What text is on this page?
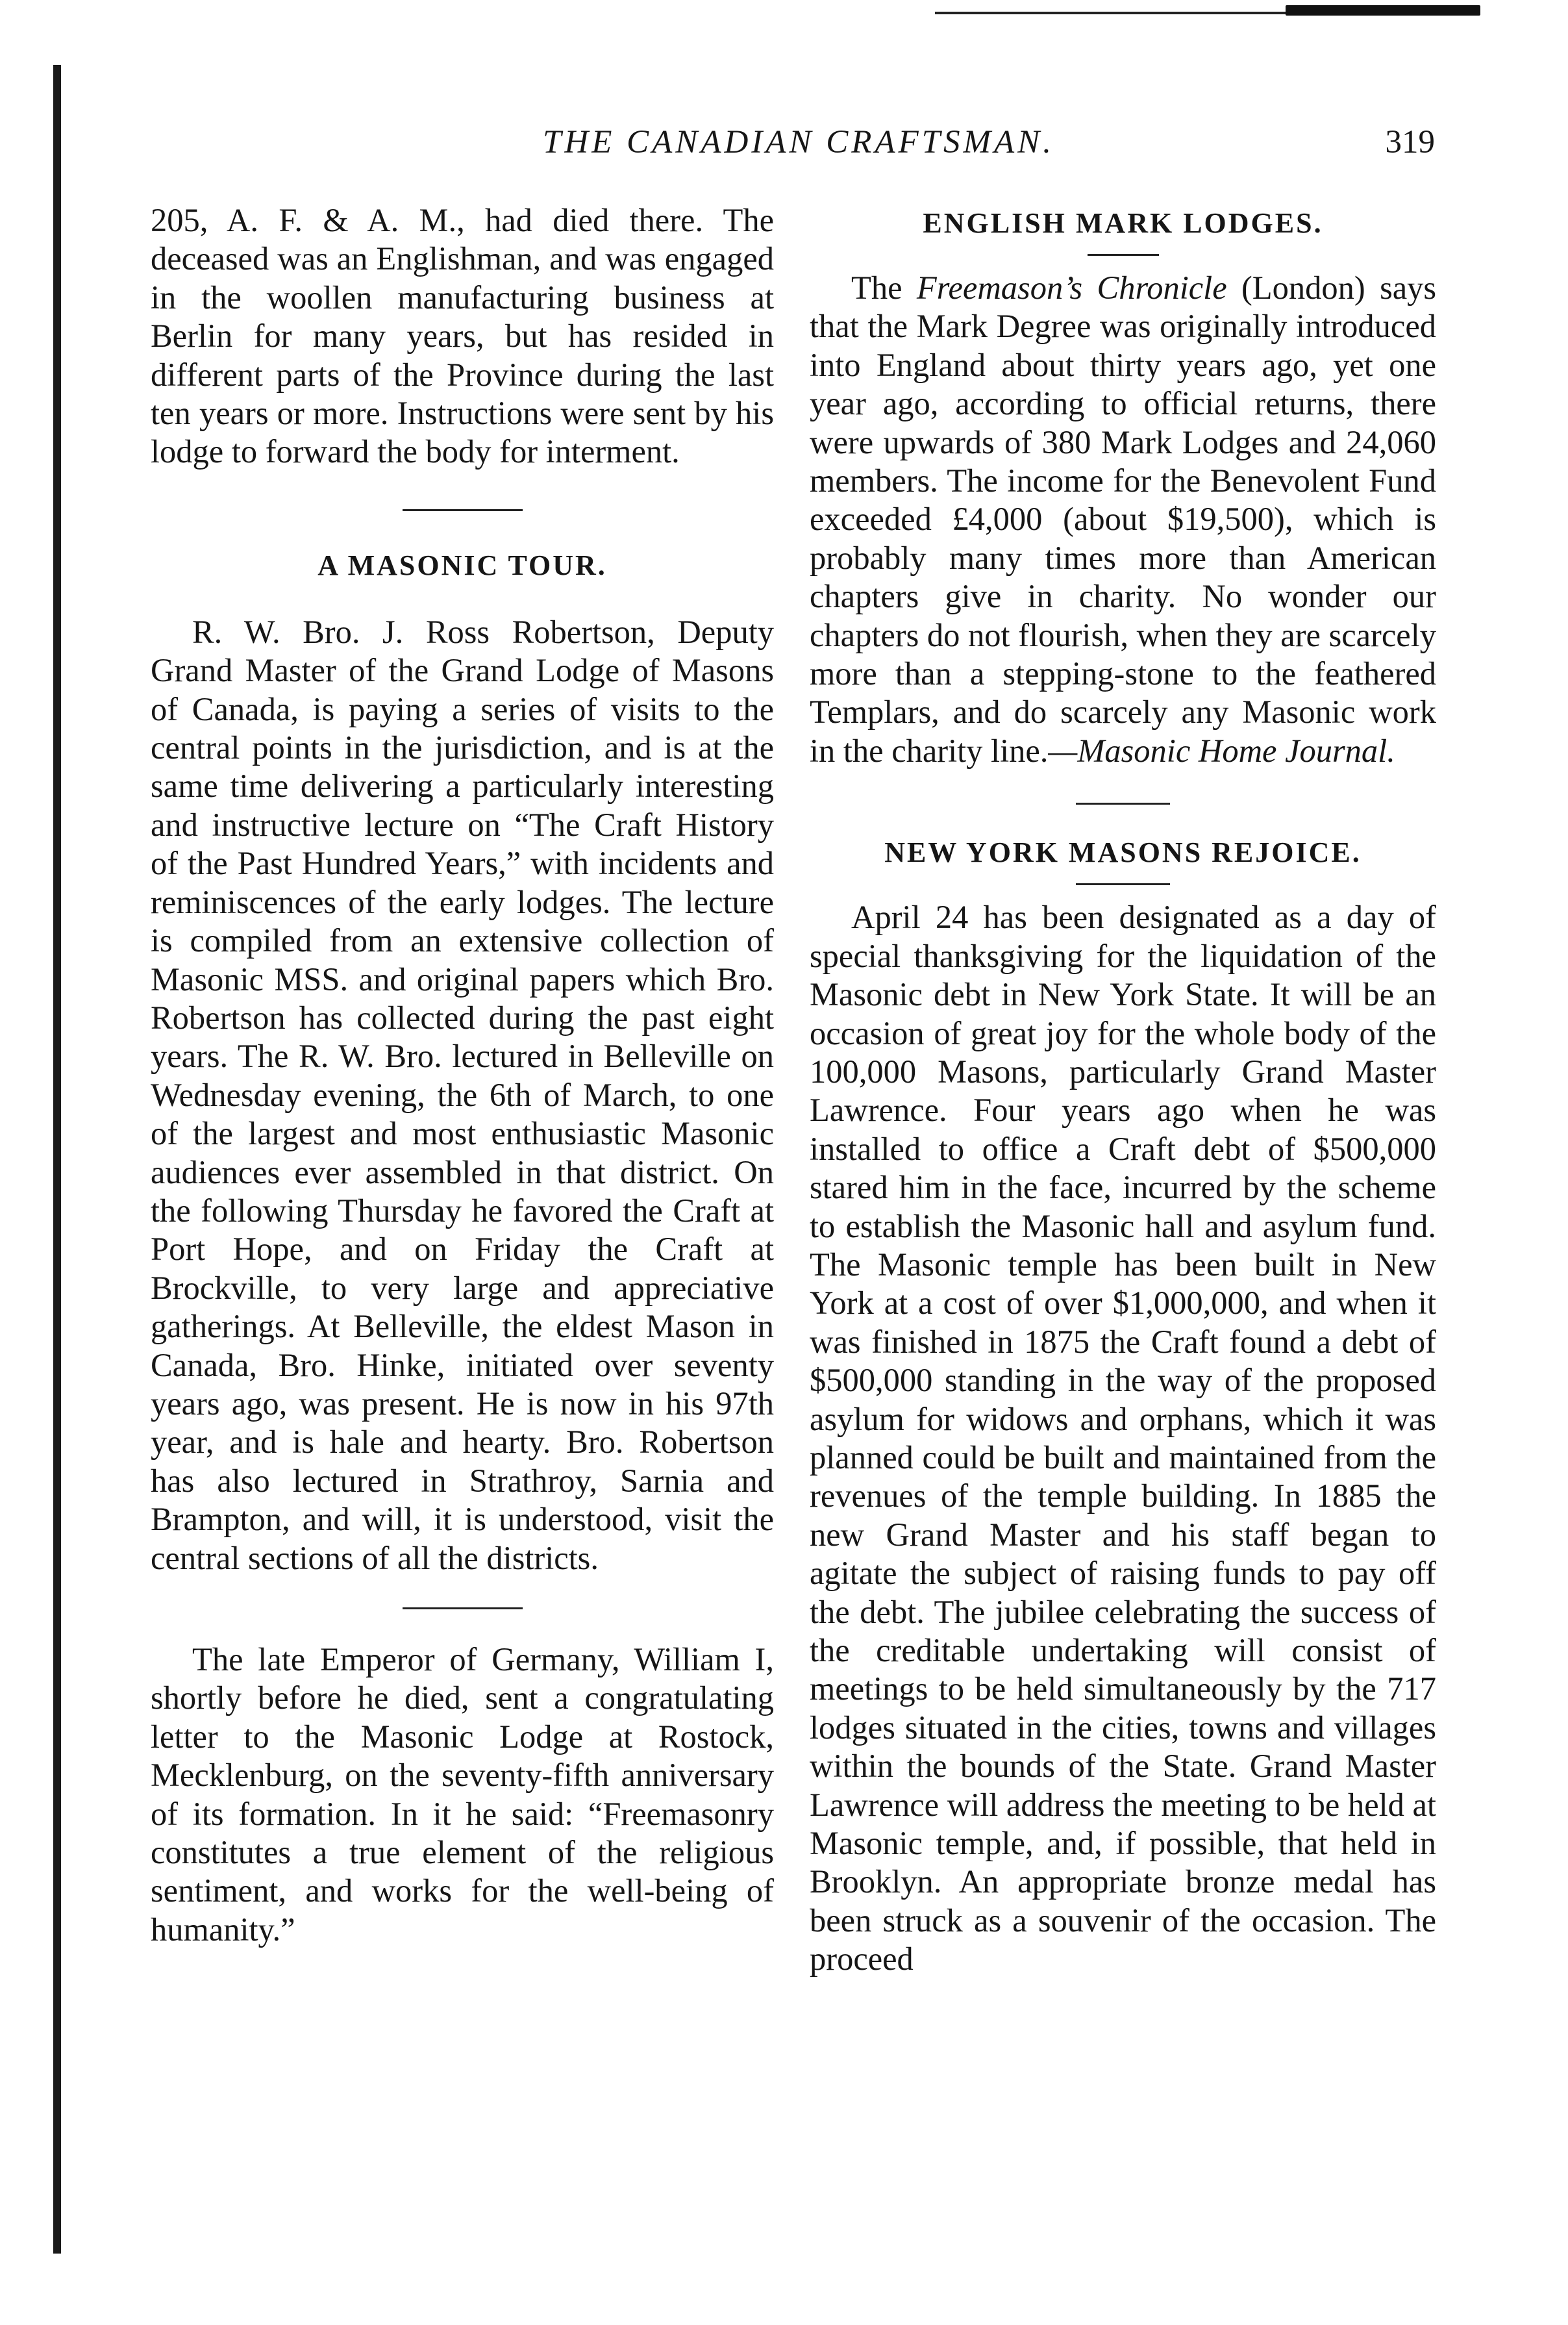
THE CANADIAN CRAFTSMAN.	319

205, A. F. & A. M., had died there. The deceased was an Englishman, and was engaged in the woollen manufacturing business at Berlin for many years, but has resided in different parts of the Province during the last ten years or more. Instructions were sent by his lodge to forward the body for interment.

A MASONIC TOUR.

R. W. Bro. J. Ross Robertson, Deputy Grand Master of the Grand Lodge of Masons of Canada, is paying a series of visits to the central points in the jurisdiction, and is at the same time delivering a particularly interesting and instructive lecture on “The Craft History of the Past Hundred Years,” with incidents and reminiscences of the early lodges. The lecture is compiled from an extensive collection of Masonic MSS. and original papers which Bro. Robertson has collected during the past eight years. The R. W. Bro. lectured in Belleville on Wednesday evening, the 6th of March, to one of the largest and most enthusiastic Masonic audiences ever assembled in that district. On the following Thursday he favored the Craft at Port Hope, and on Friday the Craft at Brockville, to very large and appreciative gatherings. At Belleville, the eldest Mason in Canada, Bro. Hinke, initiated over seventy years ago, was present. He is now in his 97th year, and is hale and hearty. Bro. Robertson has also lectured in Strathroy, Sarnia and Brampton, and will, it is understood, visit the central sections of all the districts.

The late Emperor of Germany, William I, shortly before he died, sent a congratulating letter to the Masonic Lodge at Rostock, Mecklenburg, on the seventy-fifth anniversary of its formation. In it he said: “Freemasonry constitutes a true element of the religious sentiment, and works for the well-being of humanity.”

ENGLISH MARK LODGES.

The Freemason’s Chronicle (London) says that the Mark Degree was originally introduced into England about thirty years ago, yet one year ago, according to official returns, there were upwards of 380 Mark Lodges and 24,060 members. The income for the Benevolent Fund exceeded £4,000 (about $19,500), which is probably many times more than American chapters give in charity. No wonder our chapters do not flourish, when they are scarcely more than a stepping-stone to the feathered Templars, and do scarcely any Masonic work in the charity line.—Masonic Home Journal.

NEW YORK MASONS REJOICE.

April 24 has been designated as a day of special thanksgiving for the liquidation of the Masonic debt in New York State. It will be an occasion of great joy for the whole body of the 100,000 Masons, particularly Grand Master Lawrence. Four years ago when he was installed to office a Craft debt of $500,000 stared him in the face, incurred by the scheme to establish the Masonic hall and asylum fund. The Masonic temple has been built in New York at a cost of over $1,000,000, and when it was finished in 1875 the Craft found a debt of $500,000 standing in the way of the proposed asylum for widows and orphans, which it was planned could be built and maintained from the revenues of the temple building. In 1885 the new Grand Master and his staff began to agitate the subject of raising funds to pay off the debt. The jubilee celebrating the success of the creditable undertaking will consist of meetings to be held simultaneously by the 717 lodges situated in the cities, towns and villages within the bounds of the State. Grand Master Lawrence will address the meeting to be held at Masonic temple, and, if possible, that held in Brooklyn. An appropriate bronze medal has been struck as a souvenir of the occasion. The proceed
